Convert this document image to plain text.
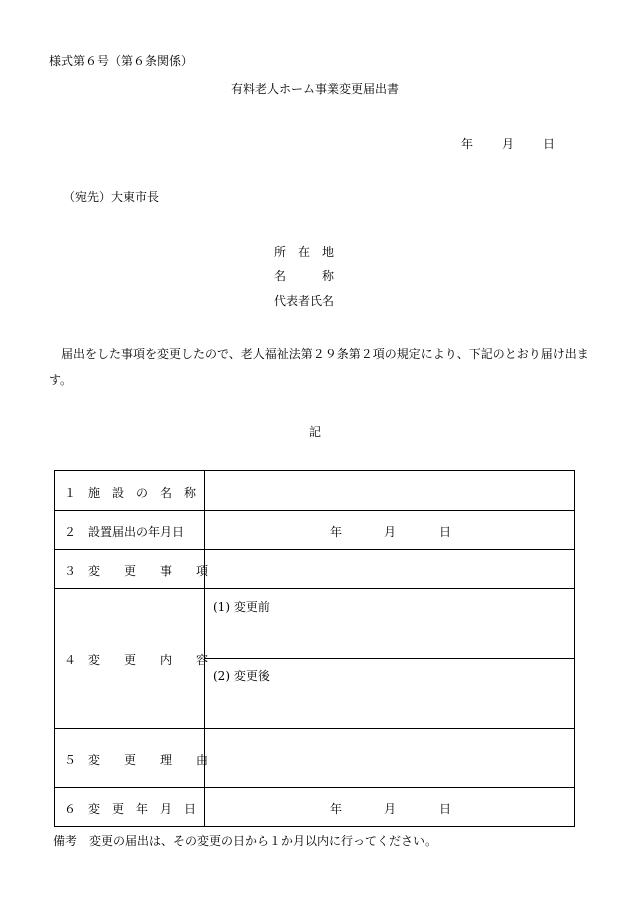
様式第６号（第６条関係）
有料老人ホーム事業変更届出書
年 月 日
（宛先）大東市長
所　在　地
名　　　称
代表者氏名
届出をした事項を変更したので、老人福祉法第２９条第２項の規定により、下記のとおり届け出ます。
記
１　施　設　の　名　称
２　設置届出の年月日	年	月	日
３　変　　更　　事　　項
４　変　　更　　内　　容
(1) 変更前
(2) 変更後
５　変　　更　　理　　由
６　変　更　年　月　日	年	月	日
備考　変更の届出は、その変更の日から１か月以内に行ってください。
